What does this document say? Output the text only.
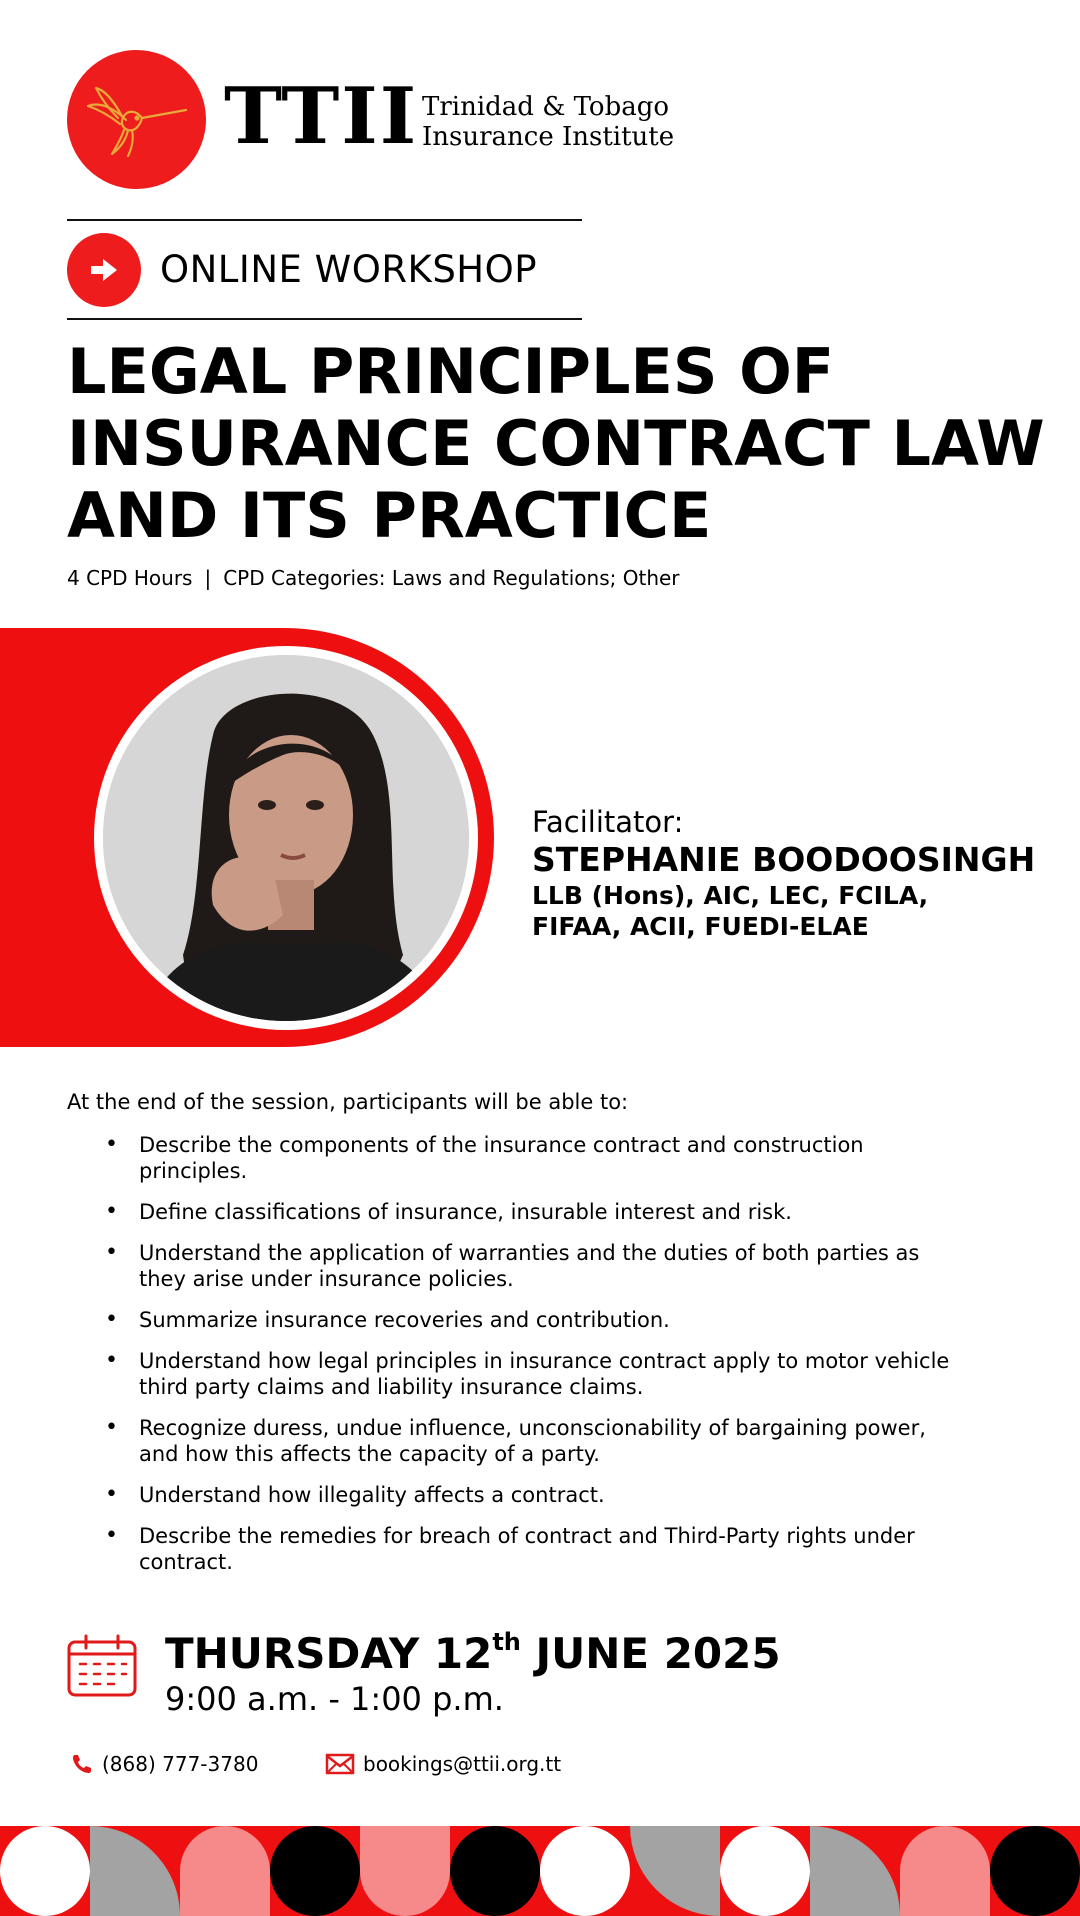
TTII Trinidad & Tobago
Insurance Institute
ONLINE WORKSHOP
LEGAL PRINCIPLES OF
INSURANCE CONTRACT LAW
AND ITS PRACTICE
4 CPD Hours | CPD Categories: Laws and Regulations; Other
Facilitator:
STEPHANIE BOODOOSINGH
LLB (Hons), AIC, LEC, FCILA,
FIFAA, ACII, FUEDI-ELAE
At the end of the session, participants will be able to:
• Describe the components of the insurance contract and construction
principles.
• Define classifications of insurance, insurable interest and risk.
• Understand the application of warranties and the duties of both parties as
they arise under insurance policies.
• Summarize insurance recoveries and contribution.
• Understand how legal principles in insurance contract apply to motor vehicle
third party claims and liability insurance claims.
• Recognize duress, undue influence, unconscionability of bargaining power,
and how this affects the capacity of a party.
• Understand how illegality affects a contract.
• Describe the remedies for breach of contract and Third-Party rights under
contract.
THURSDAY 12th JUNE 2025
9:00 a.m. - 1:00 p.m.
(868) 777-3780	bookings@ttii.org.tt
